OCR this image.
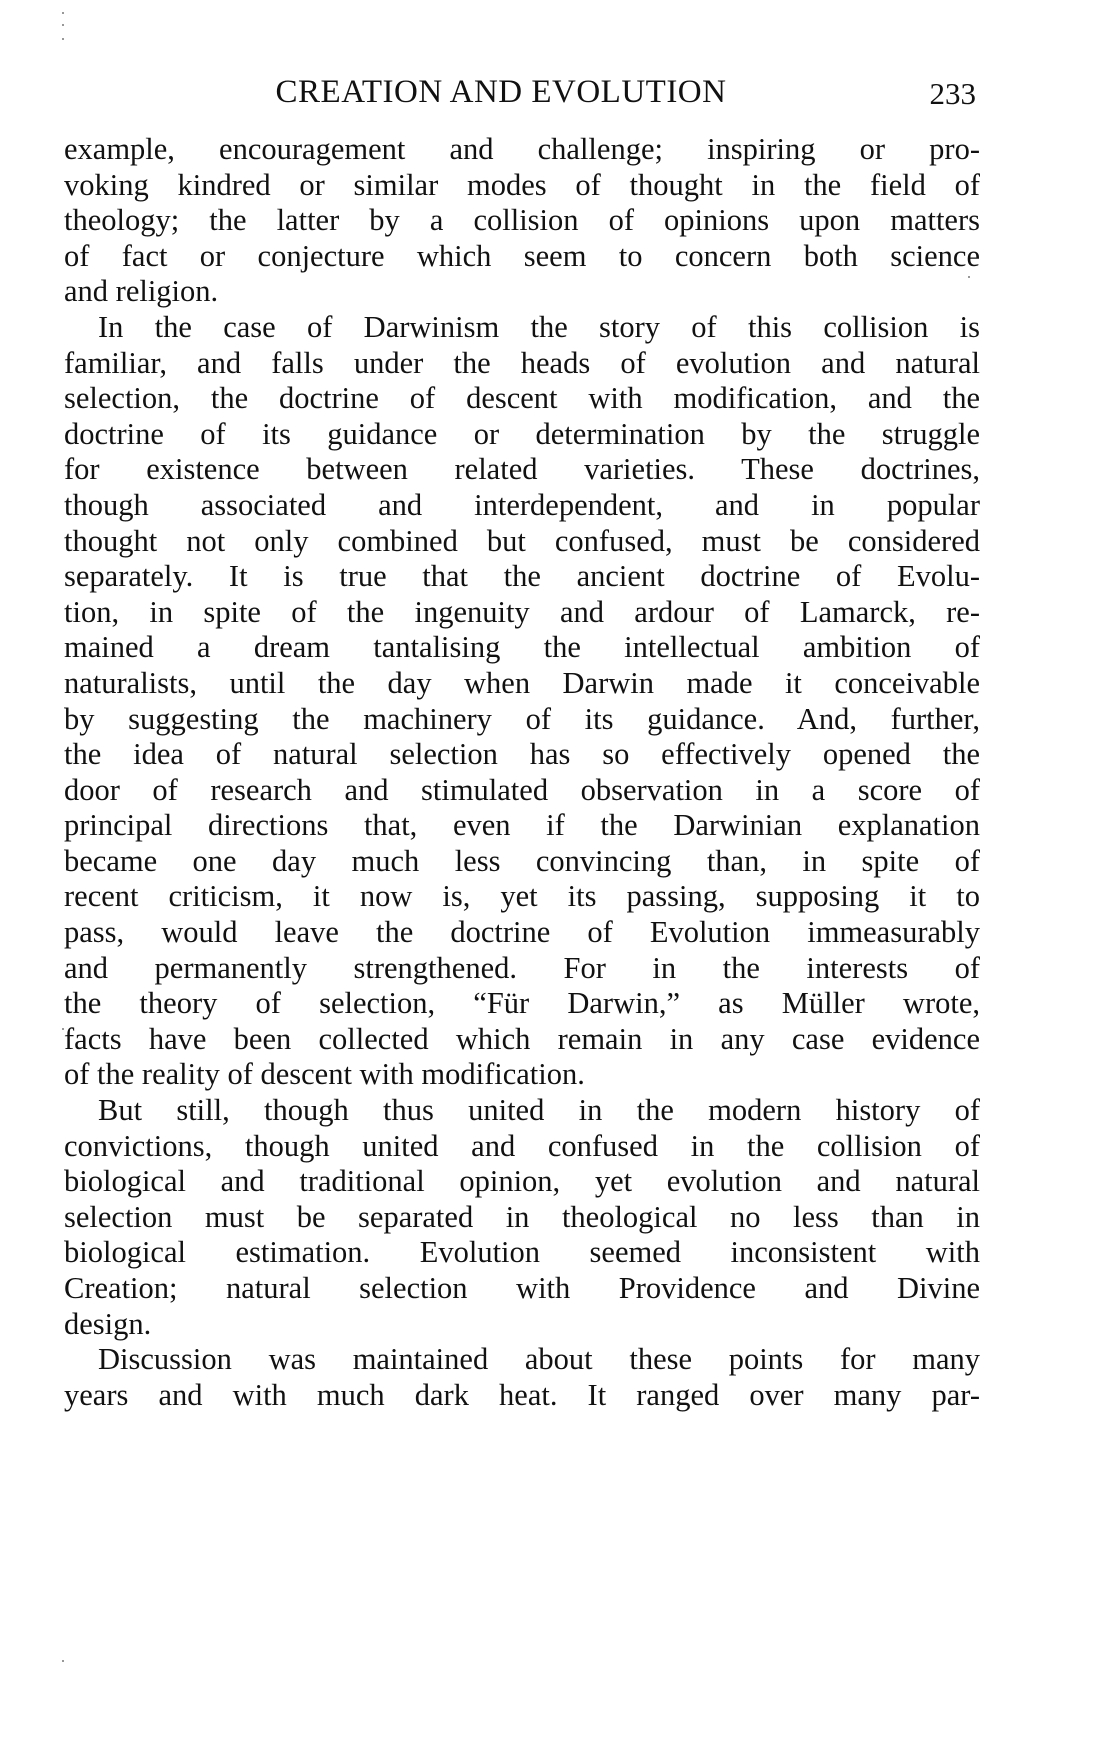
CREATION AND EVOLUTION	233
example, encouragement and challenge; inspiring or pro-
voking kindred or similar modes of thought in the field of
theology; the latter by a collision of opinions upon matters
of fact or conjecture which seem to concern both science
and religion.
In the case of Darwinism the story of this collision is
familiar, and falls under the heads of evolution and natural
selection, the doctrine of descent with modification, and the
doctrine of its guidance or determination by the struggle
for existence between related varieties. These doctrines,
though associated and interdependent, and in popular
thought not only combined but confused, must be considered
separately. It is true that the ancient doctrine of Evolu-
tion, in spite of the ingenuity and ardour of Lamarck, re-
mained a dream tantalising the intellectual ambition of
naturalists, until the day when Darwin made it conceivable
by suggesting the machinery of its guidance. And, further,
the idea of natural selection has so effectively opened the
door of research and stimulated observation in a score of
principal directions that, even if the Darwinian explanation
became one day much less convincing than, in spite of
recent criticism, it now is, yet its passing, supposing it to
pass, would leave the doctrine of Evolution immeasurably
and permanently strengthened. For in the interests of
the theory of selection, “Für Darwin,” as Müller wrote,
facts have been collected which remain in any case evidence
of the reality of descent with modification.
But still, though thus united in the modern history of
convictions, though united and confused in the collision of
biological and traditional opinion, yet evolution and natural
selection must be separated in theological no less than in
biological estimation. Evolution seemed inconsistent with
Creation; natural selection with Providence and Divine
design.
Discussion was maintained about these points for many
years and with much dark heat. It ranged over many par-
